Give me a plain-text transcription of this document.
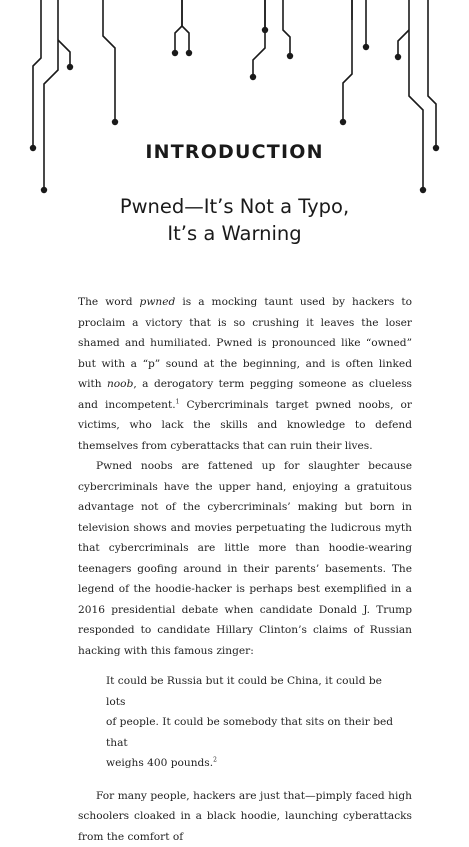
INTRODUCTION
Pwned—It’s Not a Typo,
It’s a Warning

The word pwned is a mocking taunt used by hackers to proclaim a victory that is so crushing it leaves the loser shamed and humiliated. Pwned is pronounced like “owned” but with a “p” sound at the beginning, and is often linked with noob, a derogatory term pegging someone as clueless and incompetent.$^1$ Cybercriminals target pwned noobs, or victims, who lack the skills and knowledge to defend themselves from cyberattacks that can ruin their lives.

Pwned noobs are fattened up for slaughter because cybercriminals have the upper hand, enjoying a gratuitous advantage not of the cybercriminals’ making but born in television shows and movies perpetuating the ludicrous myth that cybercriminals are little more than hoodie-wearing teenagers goofing around in their parents’ basements. The legend of the hoodie-hacker is perhaps best exemplified in a 2016 presidential debate when candidate Donald J. Trump responded to candidate Hillary Clinton’s claims of Russian hacking with this famous zinger:

It could be Russia but it could be China, it could be lots
of people. It could be somebody that sits on their bed that
weighs 400 pounds.$^2$

For many people, hackers are just that—pimply faced high schoolers cloaked in a black hoodie, launching cyberattacks from the comfort of
